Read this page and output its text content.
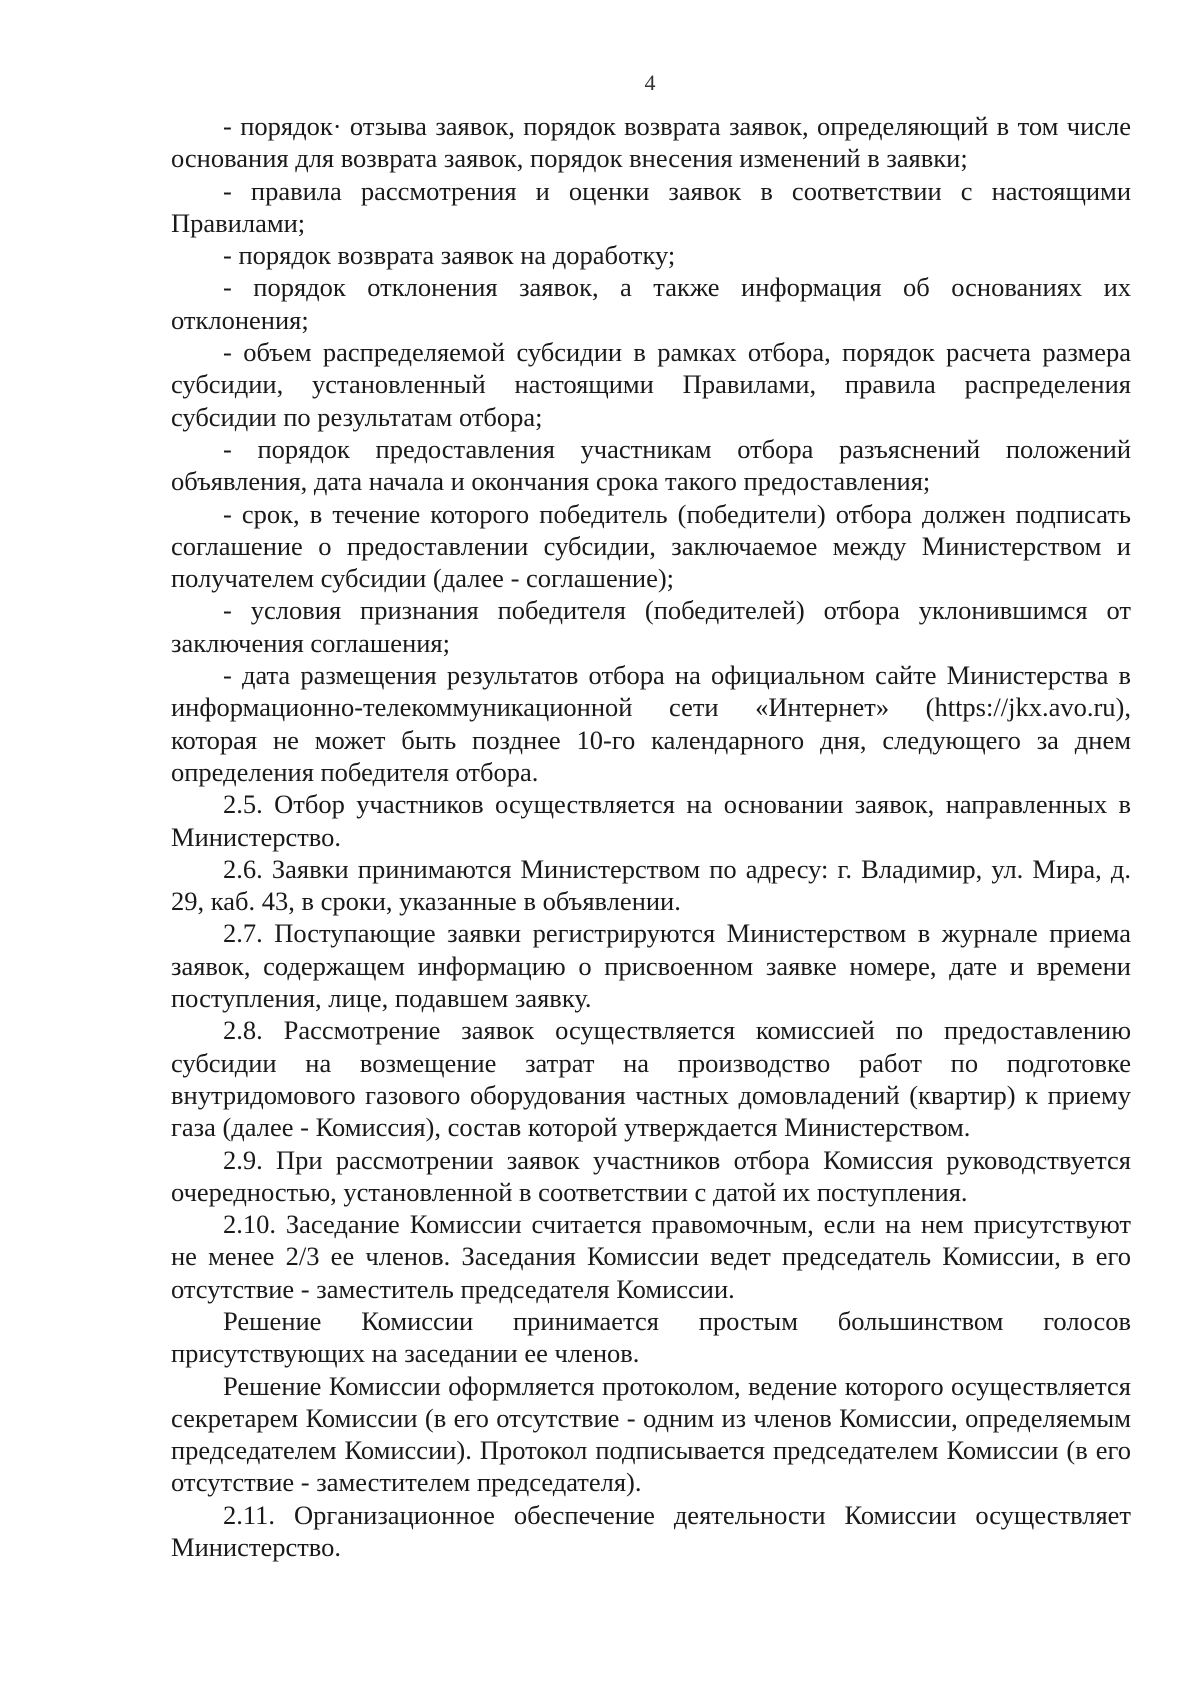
4

- порядок· отзыва заявок, порядок возврата заявок, определяющий в том числе основания для возврата заявок, порядок внесения изменений в заявки;

- правила рассмотрения и оценки заявок в соответствии с настоящими Правилами;

- порядок возврата заявок на доработку;

- порядок отклонения заявок, а также информация об основаниях их отклонения;

- объем распределяемой субсидии в рамках отбора, порядок расчета размера субсидии, установленный настоящими Правилами, правила распределения субсидии по результатам отбора;

- порядок предоставления участникам отбора разъяснений положений объявления, дата начала и окончания срока такого предоставления;

- срок, в течение которого победитель (победители) отбора должен подписать соглашение о предоставлении субсидии, заключаемое между Министерством и получателем субсидии (далее - соглашение);

- условия признания победителя (победителей) отбора уклонившимся от заключения соглашения;

- дата размещения результатов отбора на официальном сайте Министерства в информационно-телекоммуникационной сети «Интернет» (https://jkx.avo.ru), которая не может быть позднее 10-го календарного дня, следующего за днем определения победителя отбора.

2.5. Отбор участников осуществляется на основании заявок, направленных в Министерство.

2.6. Заявки принимаются Министерством по адресу: г. Владимир, ул. Мира, д. 29, каб. 43, в сроки, указанные в объявлении.

2.7. Поступающие заявки регистрируются Министерством в журнале приема заявок, содержащем информацию о присвоенном заявке номере, дате и времени поступления, лице, подавшем заявку.

2.8. Рассмотрение заявок осуществляется комиссией по предоставлению субсидии на возмещение затрат на производство работ по подготовке внутридомового газового оборудования частных домовладений (квартир) к приему газа (далее - Комиссия), состав которой утверждается Министерством.

2.9. При рассмотрении заявок участников отбора Комиссия руководствуется очередностью, установленной в соответствии с датой их поступления.

2.10. Заседание Комиссии считается правомочным, если на нем присутствуют не менее 2/3 ее членов. Заседания Комиссии ведет председатель Комиссии, в его отсутствие - заместитель председателя Комиссии.

Решение Комиссии принимается простым большинством голосов присутствующих на заседании ее членов.

Решение Комиссии оформляется протоколом, ведение которого осуществляется секретарем Комиссии (в его отсутствие - одним из членов Комиссии, определяемым председателем Комиссии). Протокол подписывается председателем Комиссии (в его отсутствие - заместителем председателя).

2.11. Организационное обеспечение деятельности Комиссии осуществляет Министерство.
